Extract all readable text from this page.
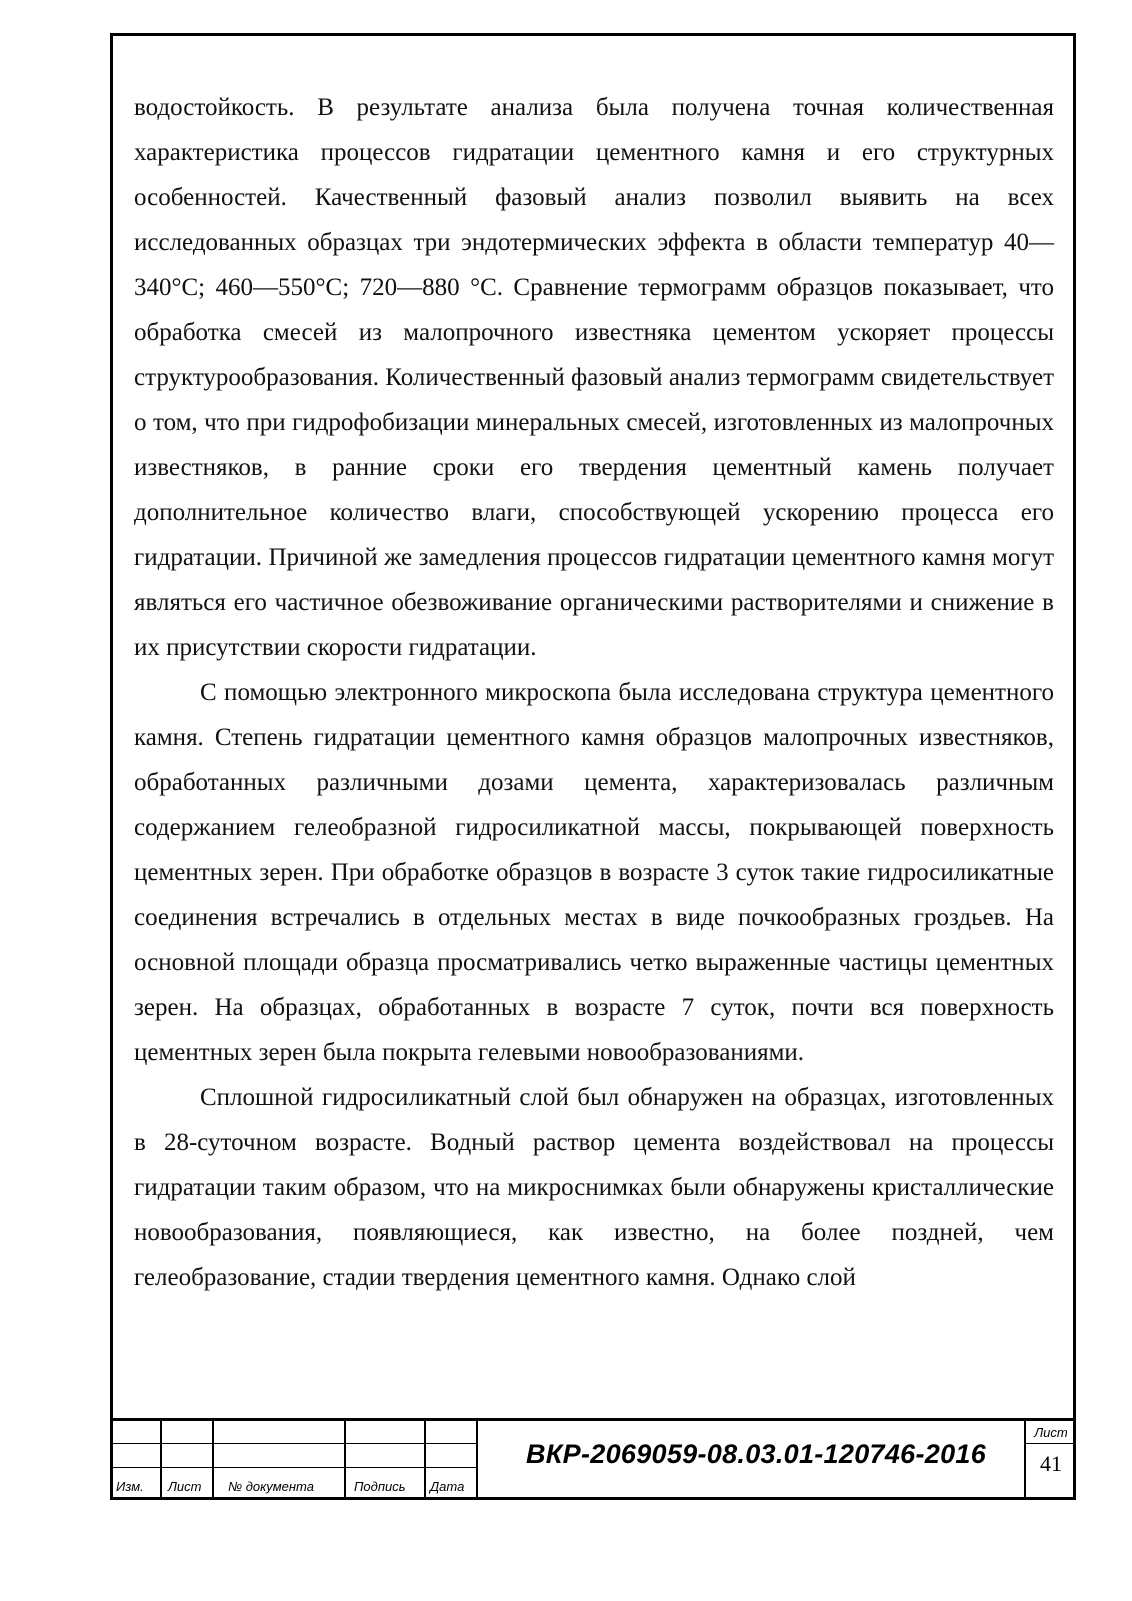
водостойкость. В результате анализа была получена точная количественная характеристика процессов гидратации цементного камня и его структурных особенностей. Качественный фазовый анализ позволил выявить на всех исследованных образцах три эндотермических эффекта в области температур 40—340°С; 460—550°С; 720—880 °С. Сравнение термограмм образцов показывает, что обработка смесей из малопрочного известняка цементом ускоряет процессы структурообразования. Количественный фазовый анализ термограмм свидетельствует о том, что при гидрофобизации минеральных смесей, изготовленных из малопрочных известняков, в ранние сроки его твердения цементный камень получает дополнительное количество влаги, способствующей ускорению процесса его гидратации. Причиной же замедления процессов гидратации цементного камня могут являться его частичное обезвоживание органическими растворителями и снижение в их присутствии скорости гидратации.

С помощью электронного микроскопа была исследована структура цементного камня. Степень гидратации цементного камня образцов малопрочных известняков, обработанных различными дозами цемента, характеризовалась различным содержанием гелеобразной гидросиликатной массы, покрывающей поверхность цементных зерен. При обработке образцов в возрасте 3 суток такие гидросиликатные соединения встречались в отдельных местах в виде почкообразных гроздьев. На основной площади образца просматривались четко выраженные частицы цементных зерен. На образцах, обработанных в возрасте 7 суток, почти вся поверхность цементных зерен была покрыта гелевыми новообразованиями.

Сплошной гидросиликатный слой был обнаружен на образцах, изготовленных в 28-суточном возрасте. Водный раствор цемента воздействовал на процессы гидратации таким образом, что на микроснимках были обнаружены кристаллические новообразования, появляющиеся, как известно, на более поздней, чем гелеобразование, стадии твердения цементного камня. Однако слой

Изм. Лист № документа	Подпись Дата
ВКР-2069059-08.03.01-120746-2016
Лист
41
